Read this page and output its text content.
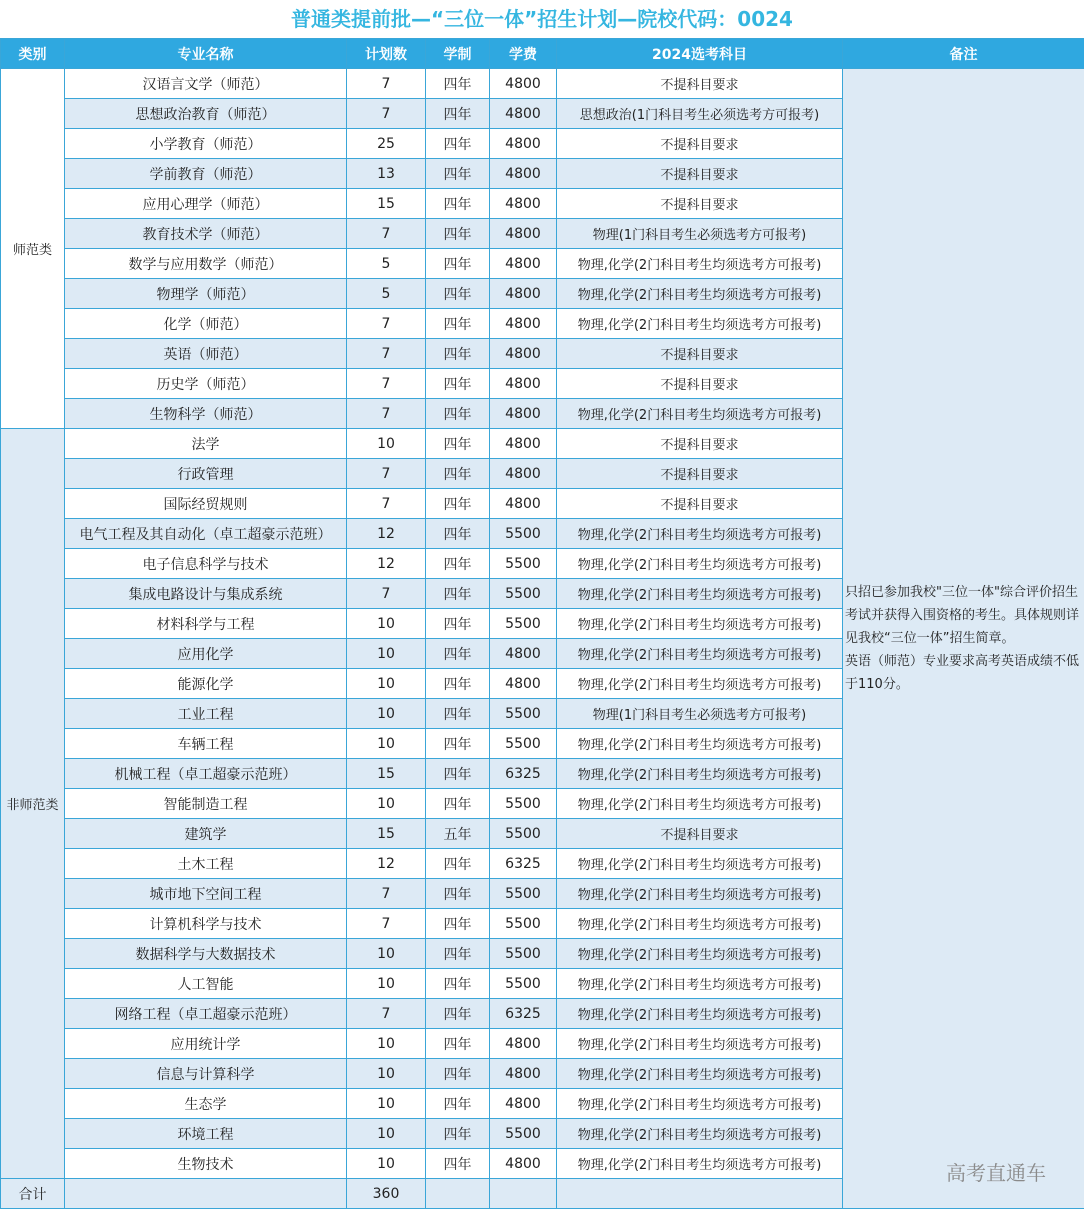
普通类提前批—“三位一体”招生计划—院校代码：0024
类别	专业名称	计划数	学制	学费	2024选考科目	备注
师范类	汉语言文学（师范）	7	四年	4800	不提科目要求	只招已参加我校"三位一体"综合评价招生考试并获得入围资格的考生。具体规则详见我校“三位一体”招生简章。
英语（师范）专业要求高考英语成绩不低于110分。

	思想政治教育（师范）	7	四年	4800	思想政治(1门科目考生必须选考方可报考)	
	小学教育（师范）	25	四年	4800	不提科目要求	
	学前教育（师范）	13	四年	4800	不提科目要求	
	应用心理学（师范）	15	四年	4800	不提科目要求	
	教育技术学（师范）	7	四年	4800	物理(1门科目考生必须选考方可报考)	
	数学与应用数学（师范）	5	四年	4800	物理,化学(2门科目考生均须选考方可报考)	
	物理学（师范）	5	四年	4800	物理,化学(2门科目考生均须选考方可报考)	
	化学（师范）	7	四年	4800	物理,化学(2门科目考生均须选考方可报考)	
	英语（师范）	7	四年	4800	不提科目要求	
	历史学（师范）	7	四年	4800	不提科目要求	
	生物科学（师范）	7	四年	4800	物理,化学(2门科目考生均须选考方可报考)	
非师范类	法学	10	四年	4800	不提科目要求	
	行政管理	7	四年	4800	不提科目要求	
	国际经贸规则	7	四年	4800	不提科目要求	
	电气工程及其自动化（卓工超豪示范班）	12	四年	5500	物理,化学(2门科目考生均须选考方可报考)	
	电子信息科学与技术	12	四年	5500	物理,化学(2门科目考生均须选考方可报考)	
	集成电路设计与集成系统	7	四年	5500	物理,化学(2门科目考生均须选考方可报考)	
	材料科学与工程	10	四年	5500	物理,化学(2门科目考生均须选考方可报考)	
	应用化学	10	四年	4800	物理,化学(2门科目考生均须选考方可报考)	
	能源化学	10	四年	4800	物理,化学(2门科目考生均须选考方可报考)	
	工业工程	10	四年	5500	物理(1门科目考生必须选考方可报考)	
	车辆工程	10	四年	5500	物理,化学(2门科目考生均须选考方可报考)	
	机械工程（卓工超豪示范班）	15	四年	6325	物理,化学(2门科目考生均须选考方可报考)	
	智能制造工程	10	四年	5500	物理,化学(2门科目考生均须选考方可报考)	
	建筑学	15	五年	5500	不提科目要求	
	土木工程	12	四年	6325	物理,化学(2门科目考生均须选考方可报考)	
	城市地下空间工程	7	四年	5500	物理,化学(2门科目考生均须选考方可报考)	
	计算机科学与技术	7	四年	5500	物理,化学(2门科目考生均须选考方可报考)	
	数据科学与大数据技术	10	四年	5500	物理,化学(2门科目考生均须选考方可报考)	
	人工智能	10	四年	5500	物理,化学(2门科目考生均须选考方可报考)	
	网络工程（卓工超豪示范班）	7	四年	6325	物理,化学(2门科目考生均须选考方可报考)	
	应用统计学	10	四年	4800	物理,化学(2门科目考生均须选考方可报考)	
	信息与计算科学	10	四年	4800	物理,化学(2门科目考生均须选考方可报考)	
	生态学	10	四年	4800	物理,化学(2门科目考生均须选考方可报考)	
	环境工程	10	四年	5500	物理,化学(2门科目考生均须选考方可报考)	
	生物技术	10	四年	4800	物理,化学(2门科目考生均须选考方可报考)	
合计		360				
高考直通车
